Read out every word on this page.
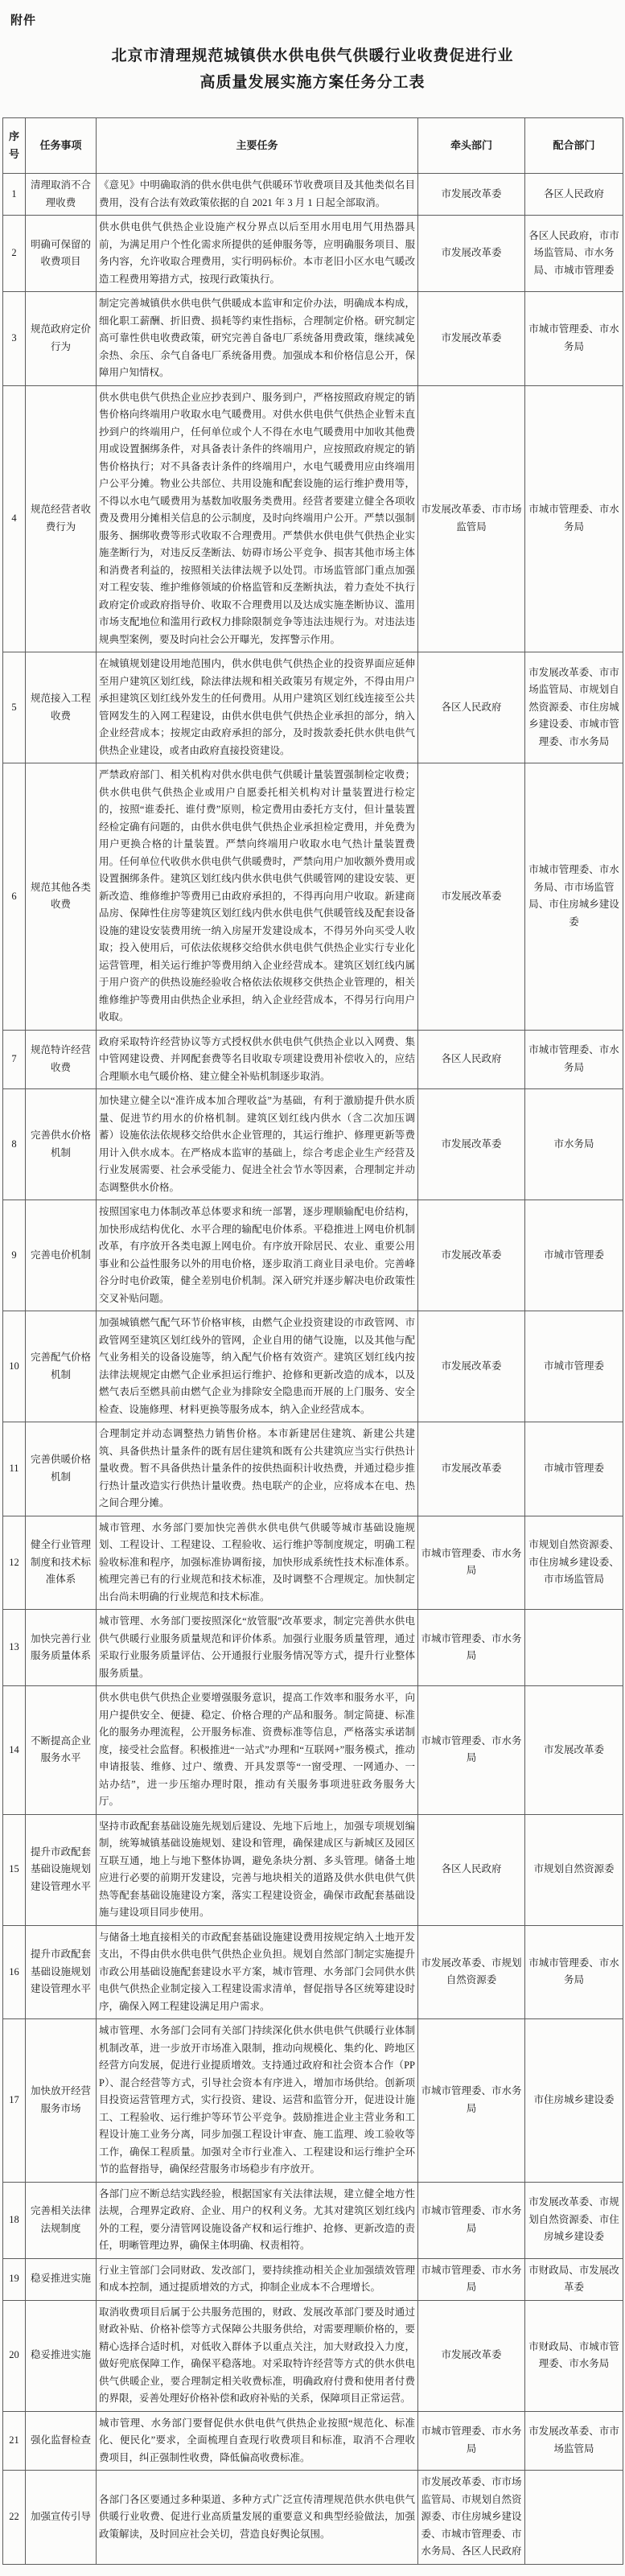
附件
北京市清理规范城镇供水供电供气供暖行业收费促进行业
高质量发展实施方案任务分工表
序号	任务事项	主要任务	牵头部门	配合部门
1	清理取消不合理收费	《意见》中明确取消的供水供电供气供暖环节收费项目及其他类似名目费用，没有合法有效政策依据的自 2021 年 3 月 1 日起全部取消。	市发展改革委	各区人民政府
2	明确可保留的收费项目	供水供电供气供热企业设施产权分界点以后至用水用电用气用热器具前，为满足用户个性化需求所提供的延伸服务等，应明确服务项目、服务内容，允许收取合理费用，实行明码标价。本市老旧小区水电气暖改造工程费用筹措方式，按现行政策执行。	市发展改革委	各区人民政府，市市场监管局、市水务局、市城市管理委
3	规范政府定价行为	制定完善城镇供水供电供气供暖成本监审和定价办法，明确成本构成，细化职工薪酬、折旧费、损耗等约束性指标，合理制定价格。研究制定高可靠性供电收费政策，研究完善自备电厂系统备用费政策，继续减免余热、余压、余气自备电厂系统备用费。加强成本和价格信息公开，保障用户知情权。	市发展改革委	市城市管理委、市水务局
4	规范经营者收费行为	供水供电供气供热企业应抄表到户、服务到户，严格按照政府规定的销售价格向终端用户收取水电气暖费用。对供水供电供气供热企业暂未直抄到户的终端用户，任何单位或个人不得在水电气暖费用中加收其他费用或设置捆绑条件，对具备表计条件的终端用户，应按照政府规定的销售价格执行；对不具备表计条件的终端用户，水电气暖费用应由终端用户公平分摊。物业公共部位、共用设施和配套设施的运行维护费用等，不得以水电气暖费用为基数加收服务类费用。经营者要建立健全各项收费及费用分摊相关信息的公示制度，及时向终端用户公开。严禁以强制服务、捆绑收费等形式收取不合理费用。严禁供水供电供气供热企业实施垄断行为，对违反反垄断法、妨碍市场公平竞争、损害其他市场主体和消费者利益的，按照相关法律法规予以处罚。市场监管部门重点加强对工程安装、维护维修领域的价格监管和反垄断执法，着力查处不执行政府定价或政府指导价、收取不合理费用以及达成实施垄断协议、滥用市场支配地位和滥用行政权力排除限制竞争等违法违规行为。对违法违规典型案例，要及时向社会公开曝光，发挥警示作用。	市发展改革委、市市场监管局	市城市管理委、市水务局
5	规范接入工程收费	在城镇规划建设用地范围内，供水供电供气供热企业的投资界面应延伸至用户建筑区划红线，除法律法规和相关政策另有规定外，不得由用户承担建筑区划红线外发生的任何费用。从用户建筑区划红线连接至公共管网发生的入网工程建设，由供水供电供气供热企业承担的部分，纳入企业经营成本；按规定由政府承担的部分，及时拨款委托供水供电供气供热企业建设，或者由政府直接投资建设。	各区人民政府	市发展改革委、市市场监管局、市规划自然资源委、市住房城乡建设委、市城市管理委、市水务局
6	规范其他各类收费	严禁政府部门、相关机构对供水供电供气供暖计量装置强制检定收费；供水供电供气供热企业或用户自愿委托相关机构对计量装置进行检定的，按照“谁委托、谁付费”原则，检定费用由委托方支付，但计量装置经检定确有问题的，由供水供电供气供热企业承担检定费用，并免费为用户更换合格的计量装置。严禁向终端用户收取水电气热计量装置费用。任何单位代收供水供电供气供暖费时，严禁向用户加收额外费用或设置捆绑条件。建筑区划红线内供水供电供气供暖管网的建设安装、更新改造、维修维护等费用已由政府承担的，不得再向用户收取。新建商品房、保障性住房等建筑区划红线内供水供电供气供暖管线及配套设备设施的建设安装费用统一纳入房屋开发建设成本，不得另外向买受人收取；投入使用后，可依法依规移交给供水供电供气供热企业实行专业化运营管理，相关运行维护等费用纳入企业经营成本。建筑区划红线内属于用户资产的供热设施经验收合格依法依规移交供热企业管理的，相关维修维护等费用由供热企业承担，纳入企业经营成本，不得另行向用户收取。	市发展改革委	市城市管理委、市水务局、市市场监管局、市住房城乡建设委
7	规范特许经营收费	政府采取特许经营协议等方式授权供水供电供气供热企业以入网费、集中管网建设费、并网配套费等名目收取专项建设费用补偿收入的，应结合理顺水电气暖价格、建立健全补贴机制逐步取消。	各区人民政府	市城市管理委、市水务局
8	完善供水价格机制	加快建立健全以“准许成本加合理收益”为基础，有利于激励提升供水质量、促进节约用水的价格机制。建筑区划红线内供水（含二次加压调蓄）设施依法依规移交给供水企业管理的，其运行维护、修理更新等费用计入供水成本。在严格成本监审的基础上，综合考虑企业生产经营及行业发展需要、社会承受能力、促进全社会节水等因素，合理制定并动态调整供水价格。	市发展改革委	市水务局
9	完善电价机制	按照国家电力体制改革总体要求和统一部署，逐步理顺输配电价结构，加快形成结构优化、水平合理的输配电价体系。平稳推进上网电价机制改革，有序放开各类电源上网电价。有序放开除居民、农业、重要公用事业和公益性服务以外的用电价格，逐步取消工商业目录电价。完善峰谷分时电价政策，健全差别电价机制。深入研究并逐步解决电价政策性交叉补贴问题。	市发展改革委	市城市管理委
10	完善配气价格机制	加强城镇燃气配气环节价格审核，由燃气企业投资建设的市政管网、市政管网至建筑区划红线外的管网，企业自用的储气设施，以及其他与配气业务相关的设备设施等，纳入配气价格有效资产。建筑区划红线内按法律法规规定由燃气企业承担运行维护、抢修和更新改造的成本，以及燃气表后至燃具前由燃气企业为排除安全隐患而开展的上门服务、安全检查、设施修理、材料更换等服务成本，纳入企业经营成本。	市发展改革委	市城市管理委
11	完善供暖价格机制	合理制定并动态调整热力销售价格。本市新建居住建筑、新建公共建筑、具备供热计量条件的既有居住建筑和既有公共建筑应当实行供热计量收费。暂不具备供热计量条件的按供热面积计收热费，并通过稳步推行热计量改造实行供热计量收费。热电联产的企业，应将成本在电、热之间合理分摊。	市发展改革委	市城市管理委
12	健全行业管理制度和技术标准体系	城市管理、水务部门要加快完善供水供电供气供暖等城市基础设施规划、工程设计、工程建设、工程验收、运行维护等制度规定，明确工程验收标准和程序，加强标准协调衔接，加快形成系统性技术标准体系。梳理完善已有的行业规范和技术标准，及时调整不合理规定。加快制定出台尚未明确的行业规范和技术标准。	市城市管理委、市水务局	市规划自然资源委、市住房城乡建设委、市市场监管局
13	加快完善行业服务质量体系	城市管理、水务部门要按照深化“放管服”改革要求，制定完善供水供电供气供暖行业服务质量规范和评价体系。加强行业服务质量管理，通过采取行业服务质量评估、公开通报行业服务情况等方式，提升行业整体服务质量。	市城市管理委、市水务局	
14	不断提高企业服务水平	供水供电供气供热企业要增强服务意识，提高工作效率和服务水平，向用户提供安全、便捷、稳定、价格合理的产品和服务。制定简捷、标准化的服务办理流程，公开服务标准、资费标准等信息，严格落实承诺制度，接受社会监督。积极推进“一站式”办理和“互联网+”服务模式，推动申请报装、维修、过户、缴费、开具发票等“一窗受理、一网通办、一站办结”，进一步压缩办理时限，推动有关服务事项进驻政务服务大厅。	市城市管理委、市水务局	市发展改革委
15	提升市政配套基础设施规划建设管理水平	坚持市政配套基础设施先规划后建设、先地下后地上，加强专项规划编制，统筹城镇基础设施规划、建设和管理，确保建成区与新城区及园区互联互通，地上与地下整体协调，避免条块分割、多头管理。储备土地应进行必要的前期开发建设，完善与地块相关的道路及供水供电供气供热等配套基础设施建设方案，落实工程建设资金，确保市政配套基础设施与建设项目同步使用。	各区人民政府	市规划自然资源委
16	提升市政配套基础设施规划建设管理水平	与储备土地直接相关的市政配套基础设施建设费用按规定纳入土地开发支出，不得由供水供电供气供热企业负担。规划自然部门制定实施提升市政公用基础设施配套建设水平方案，城市管理、水务部门会同供水供电供气供热企业制定接入工程建设需求清单，督促指导各区统筹建设时序，确保入网工程建设满足用户需求。	市发展改革委、市规划自然资源委	市城市管理委、市水务局
17	加快放开经营服务市场	城市管理、水务部门会同有关部门持续深化供水供电供气供暖行业体制机制改革，进一步放开市场准入限制，推动向规模化、集约化、跨地区经营方向发展，促进行业提质增效。支持通过政府和社会资本合作（PPP）、混合经营等方式，引导社会资本有序进入，增加市场供给。创新项目投资运营管理方式，实行投资、建设、运营和监管分开，促进设计施工、工程验收、运行维护等环节公平竞争。鼓励推进企业主营业务和工程设计施工业务分离，同步加强工程设计审查、施工监理、竣工验收等工作，确保工程质量。加强对全市行业准入、工程建设和运行维护全环节的监督指导，确保经营服务市场稳步有序放开。	市城市管理委、市水务局	市住房城乡建设委
18	完善相关法律法规制度	各部门应不断总结实践经验，根据国家有关法律法规，建立健全地方性法规，合理界定政府、企业、用户的权利义务。尤其对建筑区划红线内外的工程，要分清管网设施设备产权和运行维护、抢修、更新改造的责任，明晰管理边界，确保主体明确、权责相符。	市城市管理委、市水务局	市发展改革委、市规划自然资源委、市住房城乡建设委
19	稳妥推进实施	行业主管部门会同财政、发改部门，要持续推动相关企业加强绩效管理和成本控制，通过提质增效的方式，抑制企业成本不合理增长。	市城市管理委、市水务局	市财政局、市发展改革委
20	稳妥推进实施	取消收费项目后属于公共服务范围的，财政、发展改革部门要及时通过财政补贴、价格补偿等方式保障公共服务供给，对需要理顺价格的，要精心选择合适时机，对低收入群体予以重点关注，加大财政投入力度，做好兜底保障工作，确保平稳落地。对采取特许经营等方式的供水供电供气供暖企业，要合理制定相关收费标准，明确政府付费和使用者付费的界限，妥善处理好价格补偿和政府补贴的关系，保障项目正常运营。	市发展改革委	市财政局、市城市管理委、市水务局
21	强化监督检查	城市管理、水务部门要督促供水供电供气供热企业按照“规范化、标准化、便民化”要求，全面梳理自查现行收费项目和标准，取消不合理收费项目，纠正强制性收费，降低偏高收费标准。	市城市管理委、市水务局	市发展改革委、市市场监管局
22	加强宣传引导	各部门各区要通过多种渠道、多种方式广泛宣传清理规范供水供电供气供暖行业收费、促进行业高质量发展的重要意义和典型经验做法，加强政策解读，及时回应社会关切，营造良好舆论氛围。	市发展改革委、市市场监管局、市规划自然资源委、市住房城乡建设委、市城市管理委、市水务局、各区人民政府	
